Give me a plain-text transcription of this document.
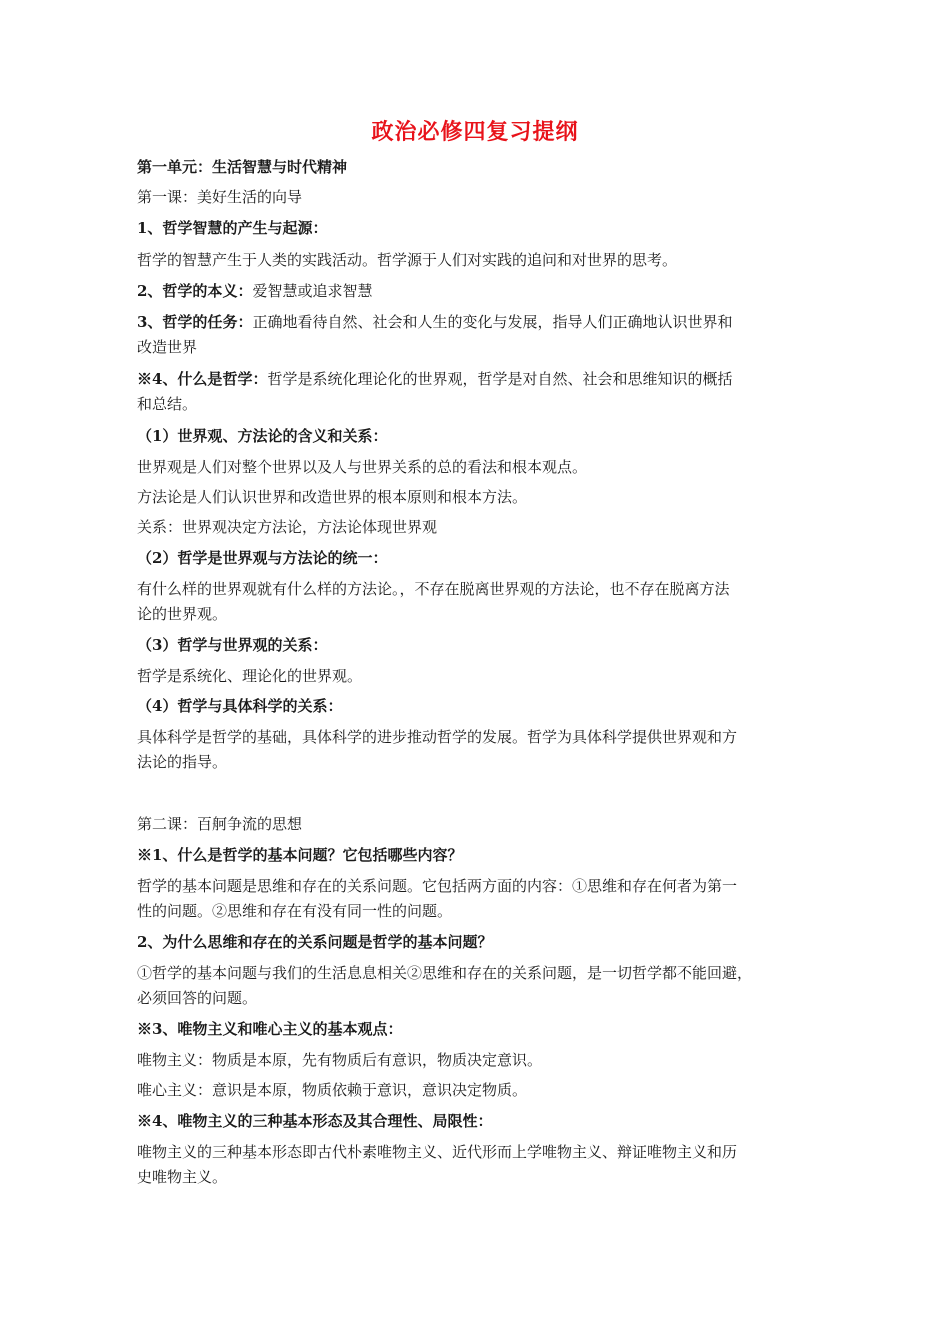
政治必修四复习提纲
第一单元：生活智慧与时代精神
第一课：美好生活的向导
1、哲学智慧的产生与起源：
哲学的智慧产生于人类的实践活动。哲学源于人们对实践的追问和对世界的思考。
2、哲学的本义：爱智慧或追求智慧
3、哲学的任务：正确地看待自然、社会和人生的变化与发展，指导人们正确地认识世界和
改造世界
※4、什么是哲学：哲学是系统化理论化的世界观，哲学是对自然、社会和思维知识的概括
和总结。
（1）世界观、方法论的含义和关系：
世界观是人们对整个世界以及人与世界关系的总的看法和根本观点。
方法论是人们认识世界和改造世界的根本原则和根本方法。
关系：世界观决定方法论，方法论体现世界观
（2）哲学是世界观与方法论的统一：
有什么样的世界观就有什么样的方法论。，不存在脱离世界观的方法论，也不存在脱离方法
论的世界观。
（3）哲学与世界观的关系：
哲学是系统化、理论化的世界观。
（4）哲学与具体科学的关系：
具体科学是哲学的基础，具体科学的进步推动哲学的发展。哲学为具体科学提供世界观和方
法论的指导。
第二课：百舸争流的思想
※1、什么是哲学的基本问题？它包括哪些内容？
哲学的基本问题是思维和存在的关系问题。它包括两方面的内容：①思维和存在何者为第一
性的问题。②思维和存在有没有同一性的问题。
2、为什么思维和存在的关系问题是哲学的基本问题？
①哲学的基本问题与我们的生活息息相关②思维和存在的关系问题，是一切哲学都不能回避，
必须回答的问题。
※3、唯物主义和唯心主义的基本观点：
唯物主义：物质是本原，先有物质后有意识，物质决定意识。
唯心主义：意识是本原，物质依赖于意识，意识决定物质。
※4、唯物主义的三种基本形态及其合理性、局限性：
唯物主义的三种基本形态即古代朴素唯物主义、近代形而上学唯物主义、辩证唯物主义和历
史唯物主义。
